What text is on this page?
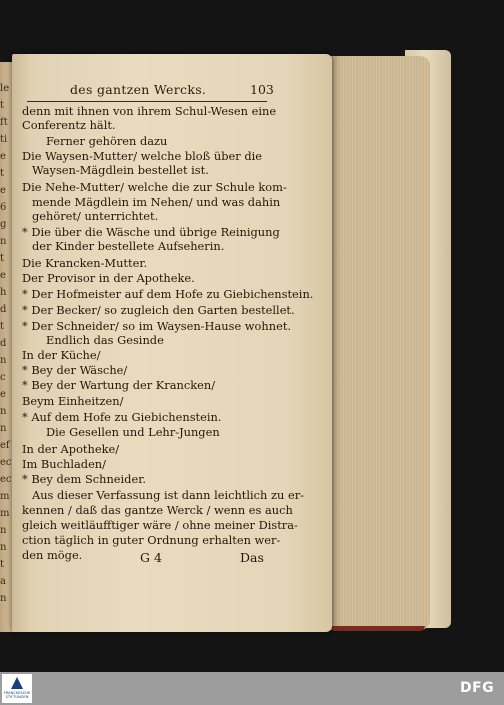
le
t
ft
ti
e
t
e
6
g
n
t
e
h
d
t
d
n
c
e
n
n
ef
ec
ec
m
m
n
n
t
a
n
des gantzen Wercks.	103
denn mit ihnen von ihrem Schul-Wesen eine
Conferentz hält.
Ferner gehören dazu
Die Waysen-Mutter/ welche bloß über die
Waysen-Mägdlein bestellet ist.
Die Nehe-Mutter/ welche die zur Schule kom-
mende Mägdlein im Nehen/ und was dahin
gehöret/ unterrichtet.
* Die über die Wäsche und übrige Reinigung
der Kinder bestellete Aufseherin.
Die Krancken-Mutter.
Der Provisor in der Apotheke.
* Der Hofmeister auf dem Hofe zu Giebichenstein.
* Der Becker/ so zugleich den Garten bestellet.
* Der Schneider/ so im Waysen-Hause wohnet.
Endlich das Gesinde
In der Küche/
* Bey der Wäsche/
* Bey der Wartung der Krancken/
Beym Einheitzen/
* Auf dem Hofe zu Giebichenstein.
Die Gesellen und Lehr-Jungen
In der Apotheke/
Im Buchladen/
* Bey dem Schneider.
Aus dieser Verfassung ist dann leichtlich zu er-
kennen / daß das gantze Werck / wenn es auch
gleich weitläufftiger wäre / ohne meiner Distra-
ction täglich in guter Ordnung erhalten wer-
den möge.	G 4	Das
FRANCKESCHE STIFTUNGEN
DFG
